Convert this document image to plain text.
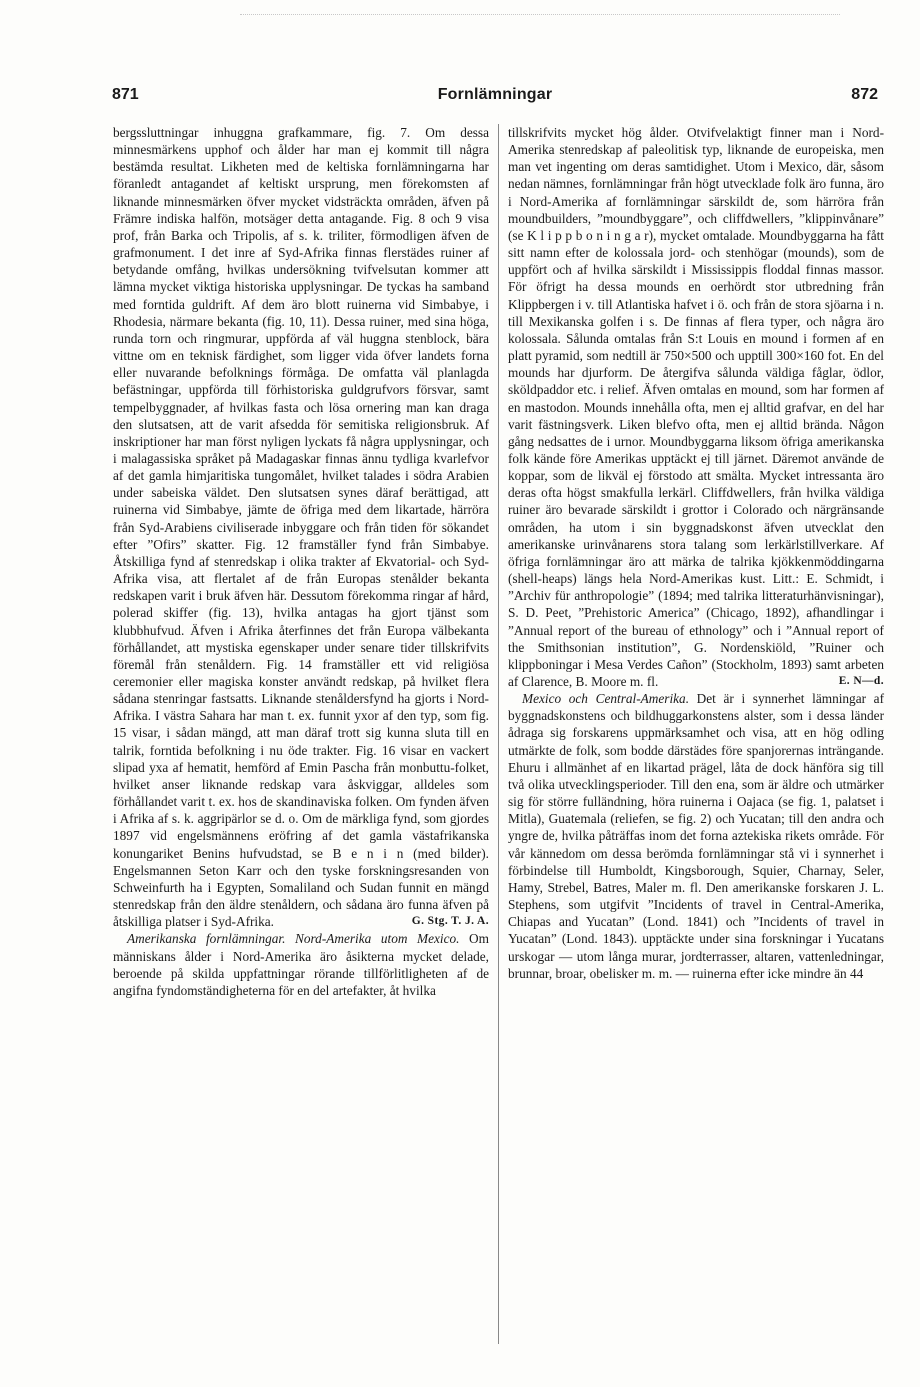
871	Fornlämningar	872

bergssluttningar inhuggna grafkammare, fig. 7. Om dessa minnesmärkens upphof och ålder har man ej kommit till några bestämda resultat. Likheten med de keltiska fornlämningarna har föranledt antagandet af keltiskt ursprung, men förekomsten af liknande minnesmärken öfver mycket vidsträckta områden, äfven på Främre indiska halfön, motsäger detta antagande. Fig. 8 och 9 visa prof, från Barka och Tripolis, af s. k. triliter, förmodligen äfven de grafmonument. I det inre af Syd-Afrika finnas flerstädes ruiner af betydande omfång, hvilkas undersökning tvifvelsutan kommer att lämna mycket viktiga historiska upplysningar. De tyckas ha samband med forntida guldrift. Af dem äro blott ruinerna vid Simbabye, i Rhodesia, närmare bekanta (fig. 10, 11). Dessa ruiner, med sina höga, runda torn och ringmurar, uppförda af väl huggna stenblock, bära vittne om en teknisk färdighet, som ligger vida öfver landets forna eller nuvarande befolknings förmåga. De omfatta väl planlagda befästningar, uppförda till förhistoriska guldgrufvors försvar, samt tempelbyggnader, af hvilkas fasta och lösa ornering man kan draga den slutsatsen, att de varit afsedda för semitiska religionsbruk. Af inskriptioner har man först nyligen lyckats få några upplysningar, och i malagassiska språket på Madagaskar finnas ännu tydliga kvarlefvor af det gamla himjaritiska tungomålet, hvilket talades i södra Arabien under sabeiska väldet. Den slutsatsen synes däraf berättigad, att ruinerna vid Simbabye, jämte de öfriga med dem likartade, härröra från Syd-Arabiens civiliserade inbyggare och från tiden för sökandet efter ”Ofirs” skatter. Fig. 12 framställer fynd från Simbabye. Åtskilliga fynd af stenredskap i olika trakter af Ekvatorial- och Syd-Afrika visa, att flertalet af de från Europas stenålder bekanta redskapen varit i bruk äfven här. Dessutom förekomma ringar af hård, polerad skiffer (fig. 13), hvilka antagas ha gjort tjänst som klubbhufvud. Äfven i Afrika återfinnes det från Europa välbekanta förhållandet, att mystiska egenskaper under senare tider tillskrifvits föremål från stenåldern. Fig. 14 framställer ett vid religiösa ceremonier eller magiska konster användt redskap, på hvilket flera sådana stenringar fastsatts. Liknande stenåldersfynd ha gjorts i Nord-Afrika. I västra Sahara har man t. ex. funnit yxor af den typ, som fig. 15 visar, i sådan mängd, att man däraf trott sig kunna sluta till en talrik, forntida befolkning i nu öde trakter. Fig. 16 visar en vackert slipad yxa af hematit, hemförd af Emin Pascha från monbuttu-folket, hvilket anser liknande redskap vara åskviggar, alldeles som förhållandet varit t. ex. hos de skandinaviska folken. Om fynden äfven i Afrika af s. k. aggripärlor se d. o. Om de märkliga fynd, som gjordes 1897 vid engelsmännens eröfring af det gamla västafrikanska konungariket Benins hufvudstad, se B e n i n (med bilder). Engelsmannen Seton Karr och den tyske forskningsresanden von Schweinfurth ha i Egypten, Somaliland och Sudan funnit en mängd stenredskap från den äldre stenåldern, och sådana äro funna äfven på åtskilliga platser i Syd-Afrika.	G. Stg. T. J. A.

Amerikanska fornlämningar. Nord-Amerika utom Mexico. Om människans ålder i Nord-Amerika äro åsikterna mycket delade, beroende på skilda uppfattningar rörande tillförlitligheten af de angifna fyndomständigheterna för en del artefakter, åt hvilka

tillskrifvits mycket hög ålder. Otvifvelaktigt finner man i Nord-Amerika stenredskap af paleolitisk typ, liknande de europeiska, men man vet ingenting om deras samtidighet. Utom i Mexico, där, såsom nedan nämnes, fornlämningar från högt utvecklade folk äro funna, äro i Nord-Amerika af fornlämningar särskildt de, som härröra från moundbuilders, ”moundbyggare”, och cliffdwellers, ”klippinvånare” (se K l i p p b o n i n g a r), mycket omtalade. Moundbyggarna ha fått sitt namn efter de kolossala jord- och stenhögar (mounds), som de uppfört och af hvilka särskildt i Mississippis floddal finnas massor. För öfrigt ha dessa mounds en oerhördt stor utbredning från Klippbergen i v. till Atlantiska hafvet i ö. och från de stora sjöarna i n. till Mexikanska golfen i s. De finnas af flera typer, och några äro kolossala. Sålunda omtalas från S:t Louis en mound i formen af en platt pyramid, som nedtill är 750×500 och upptill 300×160 fot. En del mounds har djurform. De återgifva sålunda väldiga fåglar, ödlor, sköldpaddor etc. i relief. Äfven omtalas en mound, som har formen af en mastodon. Mounds innehålla ofta, men ej alltid grafvar, en del har varit fästningsverk. Liken blefvo ofta, men ej alltid brända. Någon gång nedsattes de i urnor. Moundbyggarna liksom öfriga amerikanska folk kände före Amerikas upptäckt ej till järnet. Däremot använde de koppar, som de likväl ej förstodo att smälta. Mycket intressanta äro deras ofta högst smakfulla lerkärl. Cliffdwellers, från hvilka väldiga ruiner äro bevarade särskildt i grottor i Colorado och närgränsande områden, ha utom i sin byggnadskonst äfven utvecklat den amerikanske urinvånarens stora talang som lerkärlstillverkare. Af öfriga fornlämningar äro att märka de talrika kjökkenmöddingarna (shell-heaps) längs hela Nord-Amerikas kust. Litt.: E. Schmidt, i ”Archiv für anthropologie” (1894; med talrika litteraturhänvisningar), S. D. Peet, ”Prehistoric America” (Chicago, 1892), afhandlingar i ”Annual report of the bureau of ethnology” och i ”Annual report of the Smithsonian institution”, G. Nordenskiöld, ”Ruiner och klippboningar i Mesa Verdes Cañon” (Stockholm, 1893) samt arbeten af Clarence, B. Moore m. fl.	E. N—d.

Mexico och Central-Amerika. Det är i synnerhet lämningar af byggnadskonstens och bildhuggarkonstens alster, som i dessa länder ådraga sig forskarens uppmärksamhet och visa, att en hög odling utmärkte de folk, som bodde därstädes före spanjorernas inträngande. Ehuru i allmänhet af en likartad prägel, låta de dock hänföra sig till två olika utvecklingsperioder. Till den ena, som är äldre och utmärker sig för större fulländning, höra ruinerna i Oajaca (se fig. 1, palatset i Mitla), Guatemala (reliefen, se fig. 2) och Yucatan; till den andra och yngre de, hvilka påträffas inom det forna aztekiska rikets område. För vår kännedom om dessa berömda fornlämningar stå vi i synnerhet i förbindelse till Humboldt, Kingsborough, Squier, Charnay, Seler, Hamy, Strebel, Batres, Maler m. fl. Den amerikanske forskaren J. L. Stephens, som utgifvit ”Incidents of travel in Central-Amerika, Chiapas and Yucatan” (Lond. 1841) och ”Incidents of travel in Yucatan” (Lond. 1843). upptäckte under sina forskningar i Yucatans urskogar — utom långa murar, jordterrasser, altaren, vattenledningar, brunnar, broar, obelisker m. m. — ruinerna efter icke mindre än 44
